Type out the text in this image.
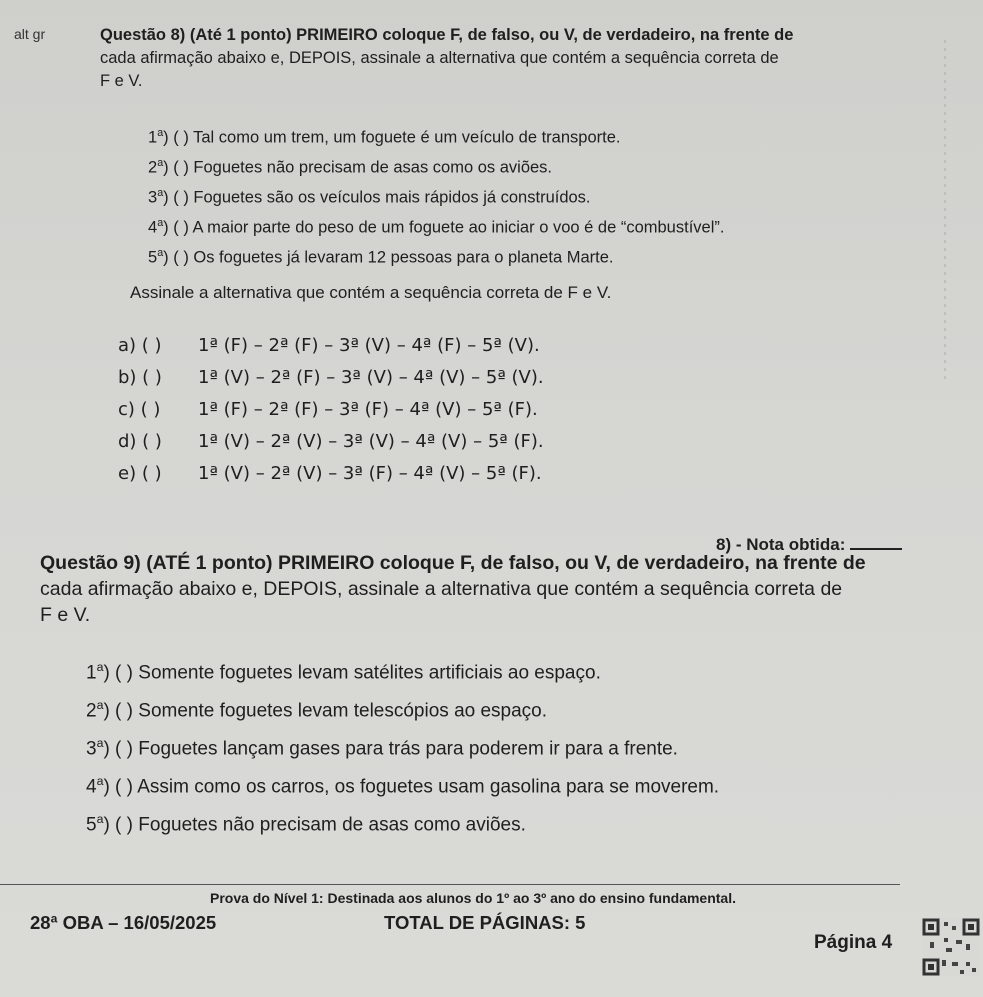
alt gr	Questão 8) (Até 1 ponto) PRIMEIRO coloque F, de falso, ou V, de verdadeiro, na frente de
cada afirmação abaixo e, DEPOIS, assinale a alternativa que contém a sequência correta de
F e V.
1$^a$) ( ) Tal como um trem, um foguete é um veículo de transporte.
2$^a$) ( ) Foguetes não precisam de asas como os aviões.
3$^a$) ( ) Foguetes são os veículos mais rápidos já construídos.
4$^a$) ( ) A maior parte do peso de um foguete ao iniciar o voo é de “combustível”.
5$^a$) ( ) Os foguetes já levaram 12 pessoas para o planeta Marte.
Assinale a alternativa que contém a sequência correta de F e V.
a) ( ) 1ª (F) – 2ª (F) – 3ª (V) – 4ª (F) – 5ª (V).
b) ( ) 1ª (V) – 2ª (F) – 3ª (V) – 4ª (V) – 5ª (V).
c) ( ) 1ª (F) – 2ª (F) – 3ª (F) – 4ª (V) – 5ª (F).
d) ( ) 1ª (V) – 2ª (V) – 3ª (V) – 4ª (V) – 5ª (F).
e) ( ) 1ª (V) – 2ª (V) – 3ª (F) – 4ª (V) – 5ª (F).
8) - Nota obtida:
Questão 9) (ATÉ 1 ponto) PRIMEIRO coloque F, de falso, ou V, de verdadeiro, na frente de
cada afirmação abaixo e, DEPOIS, assinale a alternativa que contém a sequência correta de
F e V.
1$^a$) ( ) Somente foguetes levam satélites artificiais ao espaço.
2$^a$) ( ) Somente foguetes levam telescópios ao espaço.
3$^a$) ( ) Foguetes lançam gases para trás para poderem ir para a frente.
4$^a$) ( ) Assim como os carros, os foguetes usam gasolina para se moverem.
5$^a$) ( ) Foguetes não precisam de asas como aviões.
Prova do Nível 1: Destinada aos alunos do 1º ao 3º ano do ensino fundamental.
28ª OBA – 16/05/2025	TOTAL DE PÁGINAS: 5
Página 4
